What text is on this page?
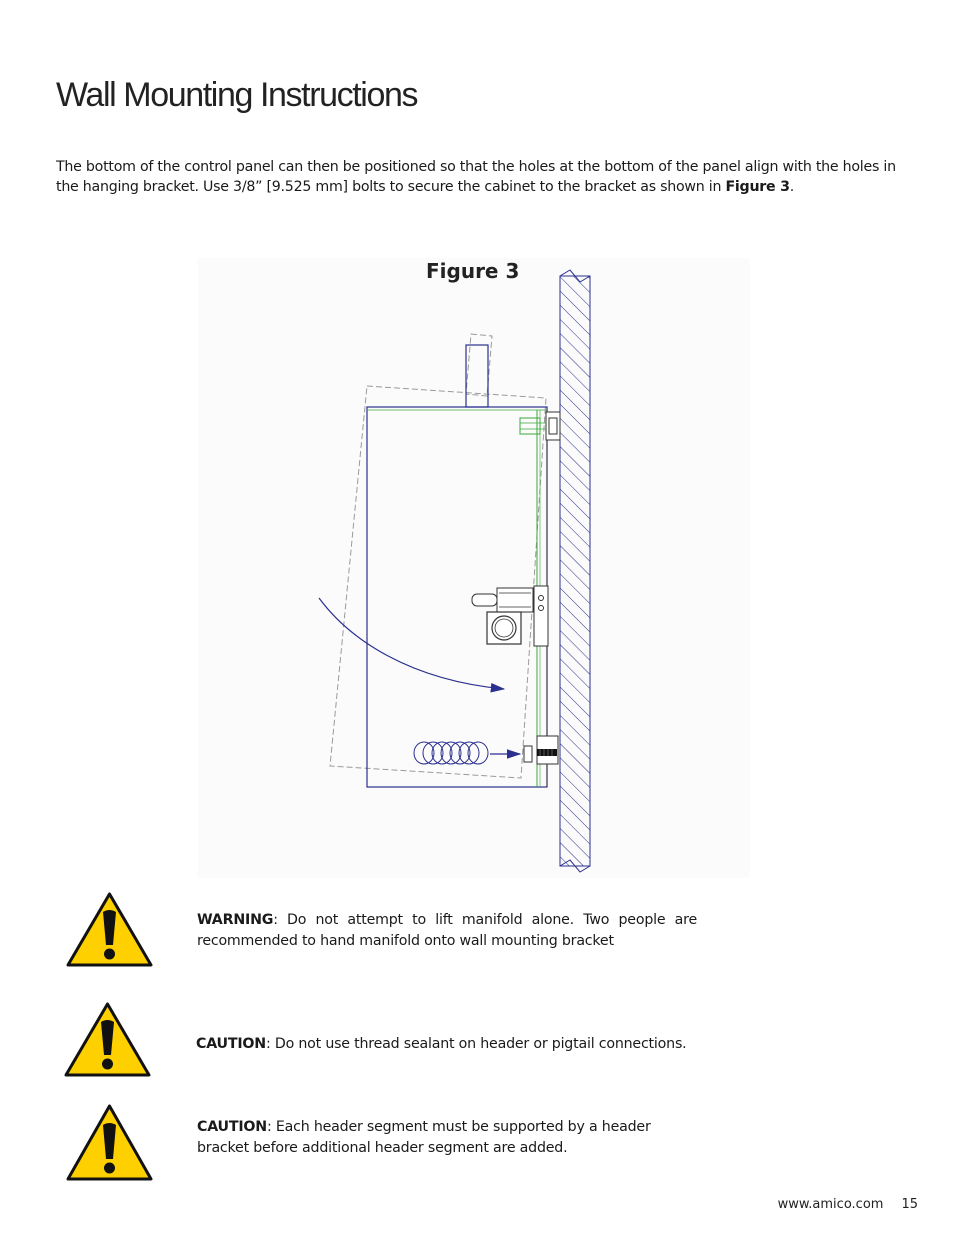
Wall Mounting Instructions

The bottom of the control panel can then be positioned so that the holes at the bottom of the panel align with the holes in the hanging bracket. Use 3/8” [9.525 mm] bolts to secure the cabinet to the bracket as shown in Figure 3.

Figure 3

WARNING: Do not attempt to lift manifold alone. Two people are recommended to hand manifold onto wall mounting bracket

CAUTION: Do not use thread sealant on header or pigtail connections.

CAUTION: Each header segment must be supported by a header bracket before additional header segment are added.

www.amico.com 15
